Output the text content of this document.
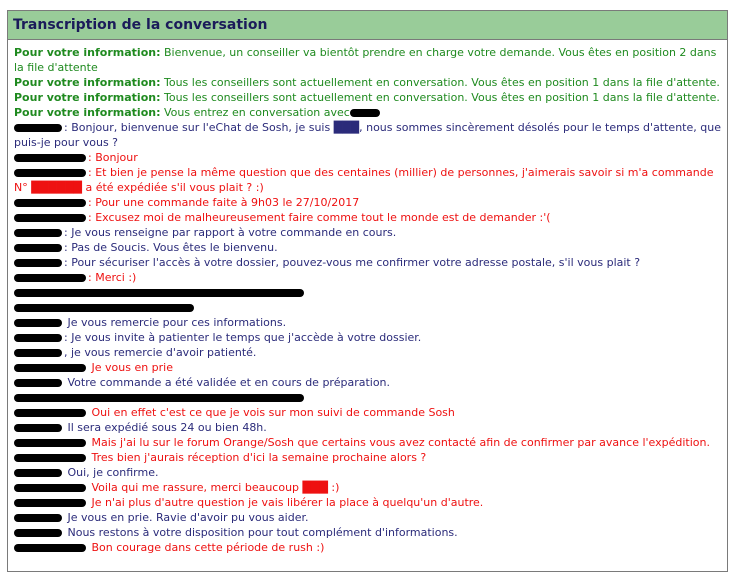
Transcription de la conversation
Pour votre information: Bienvenue, un conseiller va bientôt prendre en charge votre demande. Vous êtes en position 2 dans la file d'attente
Pour votre information: Tous les conseillers sont actuellement en conversation. Vous êtes en position 1 dans la file d'attente.
Pour votre information: Tous les conseillers sont actuellement en conversation. Vous êtes en position 1 dans la file d'attente.
Pour votre information: Vous entrez en conversation avec
: Bonjour, bienvenue sur l'eChat de Sosh, je suis ███, nous sommes sincèrement désolés pour le temps d'attente, que puis-je pour vous ?
: Bonjour
: Et bien je pense la même question que des centaines (millier) de personnes, j'aimerais savoir si m'a commande N° ██████ a été expédiée s'il vous plait ? :)
: Pour une commande faite à 9h03 le 27/10/2017
: Excusez moi de malheureusement faire comme tout le monde est de demander :'(
: Je vous renseigne par rapport à votre commande en cours.
: Pas de Soucis. Vous êtes le bienvenu.
: Pour sécuriser l'accès à votre dossier, pouvez-vous me confirmer votre adresse postale, s'il vous plait ?
: Merci :)
Je vous remercie pour ces informations.
: Je vous invite à patienter le temps que j'accède à votre dossier.
, je vous remercie d'avoir patienté.
Je vous en prie
Votre commande a été validée et en cours de préparation.
Oui en effet c'est ce que je vois sur mon suivi de commande Sosh
Il sera expédié sous 24 ou bien 48h.
Mais j'ai lu sur le forum Orange/Sosh que certains vous avez contacté afin de confirmer par avance l'expédition.
Tres bien j'aurais réception d'ici la semaine prochaine alors ?
Oui, je confirme.
Voila qui me rassure, merci beaucoup ███ :)
Je n'ai plus d'autre question je vais libérer la place à quelqu'un d'autre.
Je vous en prie. Ravie d'avoir pu vous aider.
Nous restons à votre disposition pour tout complément d'informations.
Bon courage dans cette période de rush :)
